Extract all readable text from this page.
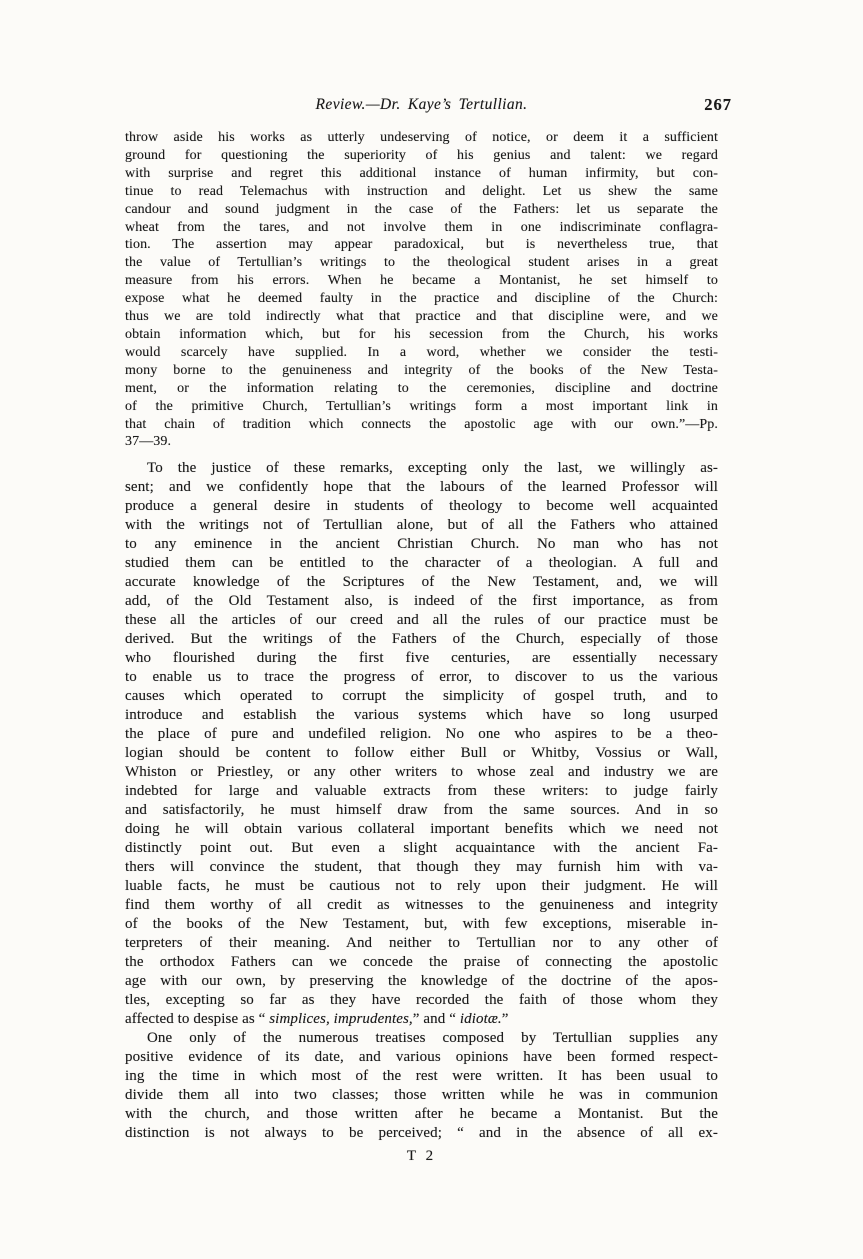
Review.—Dr. Kaye’s Tertullian.	267
throw aside his works as utterly undeserving of notice, or deem it a sufficient
ground for questioning the superiority of his genius and talent: we regard
with surprise and regret this additional instance of human infirmity, but con-
tinue to read Telemachus with instruction and delight. Let us shew the same
candour and sound judgment in the case of the Fathers: let us separate the
wheat from the tares, and not involve them in one indiscriminate conflagra-
tion. The assertion may appear paradoxical, but is nevertheless true, that
the value of Tertullian’s writings to the theological student arises in a great
measure from his errors. When he became a Montanist, he set himself to
expose what he deemed faulty in the practice and discipline of the Church:
thus we are told indirectly what that practice and that discipline were, and we
obtain information which, but for his secession from the Church, his works
would scarcely have supplied. In a word, whether we consider the testi-
mony borne to the genuineness and integrity of the books of the New Testa-
ment, or the information relating to the ceremonies, discipline and doctrine
of the primitive Church, Tertullian’s writings form a most important link in
that chain of tradition which connects the apostolic age with our own.”—Pp.
37—39.
To the justice of these remarks, excepting only the last, we willingly as-
sent; and we confidently hope that the labours of the learned Professor will
produce a general desire in students of theology to become well acquainted
with the writings not of Tertullian alone, but of all the Fathers who attained
to any eminence in the ancient Christian Church. No man who has not
studied them can be entitled to the character of a theologian. A full and
accurate knowledge of the Scriptures of the New Testament, and, we will
add, of the Old Testament also, is indeed of the first importance, as from
these all the articles of our creed and all the rules of our practice must be
derived. But the writings of the Fathers of the Church, especially of those
who flourished during the first five centuries, are essentially necessary
to enable us to trace the progress of error, to discover to us the various
causes which operated to corrupt the simplicity of gospel truth, and to
introduce and establish the various systems which have so long usurped
the place of pure and undefiled religion. No one who aspires to be a theo-
logian should be content to follow either Bull or Whitby, Vossius or Wall,
Whiston or Priestley, or any other writers to whose zeal and industry we are
indebted for large and valuable extracts from these writers: to judge fairly
and satisfactorily, he must himself draw from the same sources. And in so
doing he will obtain various collateral important benefits which we need not
distinctly point out. But even a slight acquaintance with the ancient Fa-
thers will convince the student, that though they may furnish him with va-
luable facts, he must be cautious not to rely upon their judgment. He will
find them worthy of all credit as witnesses to the genuineness and integrity
of the books of the New Testament, but, with few exceptions, miserable in-
terpreters of their meaning. And neither to Tertullian nor to any other of
the orthodox Fathers can we concede the praise of connecting the apostolic
age with our own, by preserving the knowledge of the doctrine of the apos-
tles, excepting so far as they have recorded the faith of those whom they
affected to despise as “ simplices, imprudentes,” and “ idiotæ.”
One only of the numerous treatises composed by Tertullian supplies any
positive evidence of its date, and various opinions have been formed respect-
ing the time in which most of the rest were written. It has been usual to
divide them all into two classes; those written while he was in communion
with the church, and those written after he became a Montanist. But the
distinction is not always to be perceived; “ and in the absence of all ex-
T 2
